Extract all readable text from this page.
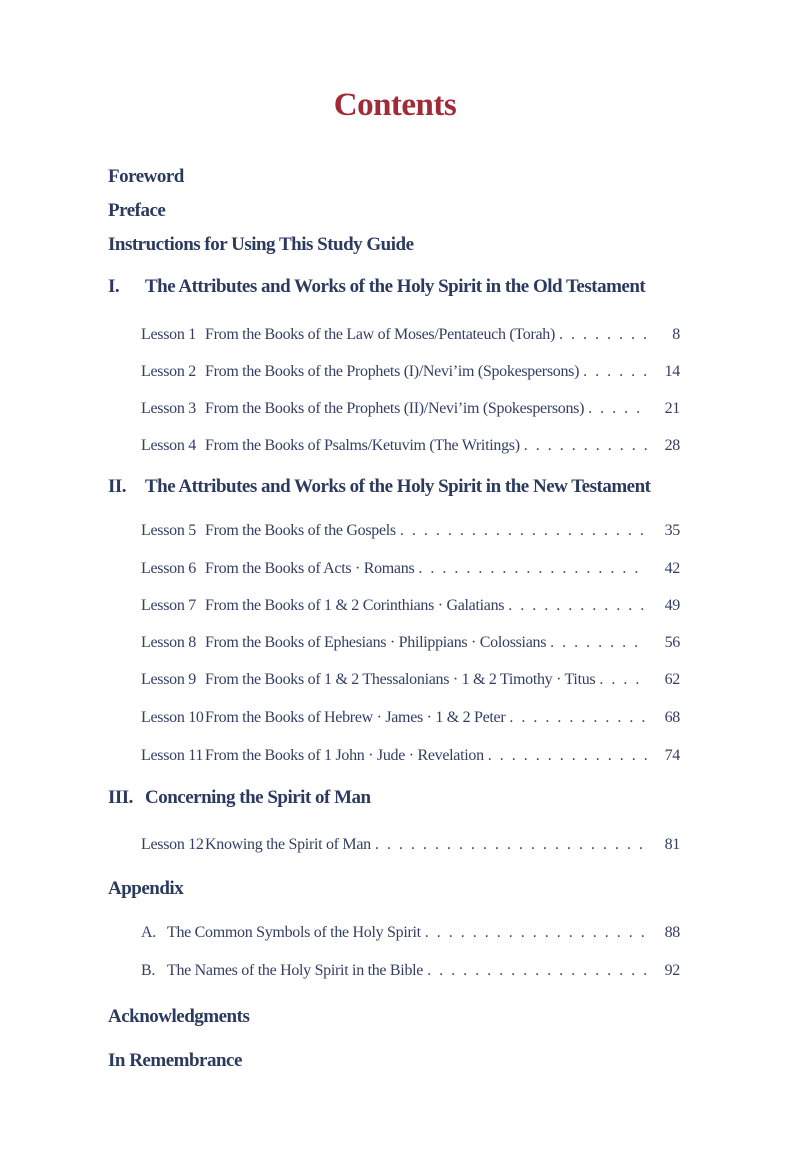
Contents
Foreword
Preface
Instructions for Using This Study Guide
I.	The Attributes and Works of the Holy Spirit in the Old Testament
Lesson 1 From the Books of the Law of Moses/Pentateuch (Torah) . . .	8
Lesson 2 From the Books of the Prophets (I)/Nevi’im (Spokespersons) . . .	14
Lesson 3 From the Books of the Prophets (II)/Nevi’im (Spokespersons) . . .	21
Lesson 4 From the Books of Psalms/Ketuvim (The Writings) . . .	28
II. The Attributes and Works of the Holy Spirit in the New Testament
Lesson 5 From the Books of the Gospels . . .	35
Lesson 6 From the Books of Acts · Romans . . .	42
Lesson 7 From the Books of 1 & 2 Corinthians · Galatians . . .	49
Lesson 8 From the Books of Ephesians · Philippians · Colossians . . .	56
Lesson 9 From the Books of 1 & 2 Thessalonians · 1 & 2 Timothy · Titus . . .	62
Lesson 10 From the Books of Hebrew · James · 1 & 2 Peter . . .	68
Lesson 11 From the Books of 1 John · Jude · Revelation . . .	74
III. Concerning the Spirit of Man
Lesson 12 Knowing the Spirit of Man . . .	81
Appendix
A. The Common Symbols of the Holy Spirit . . .	88
B. The Names of the Holy Spirit in the Bible . . .	92
Acknowledgments
In Remembrance
